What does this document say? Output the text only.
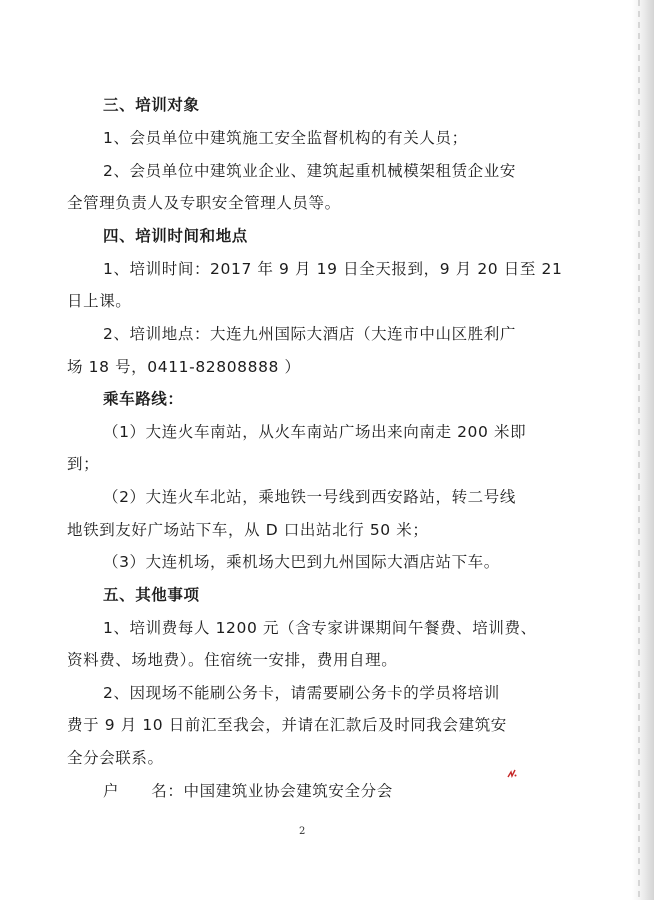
三、培训对象
1、会员单位中建筑施工安全监督机构的有关人员；
2、会员单位中建筑业企业、建筑起重机械模架租赁企业安
全管理负责人及专职安全管理人员等。
四、培训时间和地点
1、培训时间：2017 年 9 月 19 日全天报到，9 月 20 日至 21
日上课。
2、培训地点：大连九州国际大酒店（大连市中山区胜利广
场 18 号，0411-82808888 ）
乘车路线：
（1）大连火车南站，从火车南站广场出来向南走 200 米即
到；
（2）大连火车北站，乘地铁一号线到西安路站，转二号线
地铁到友好广场站下车，从 D 口出站北行 50 米；
（3）大连机场，乘机场大巴到九州国际大酒店站下车。
五、其他事项
1、培训费每人 1200 元（含专家讲课期间午餐费、培训费、
资料费、场地费）。住宿统一安排，费用自理。
2、因现场不能刷公务卡，请需要刷公务卡的学员将培训
费于 9 月 10 日前汇至我会，并请在汇款后及时同我会建筑安
全分会联系。
户　　名：中国建筑业协会建筑安全分会
2
